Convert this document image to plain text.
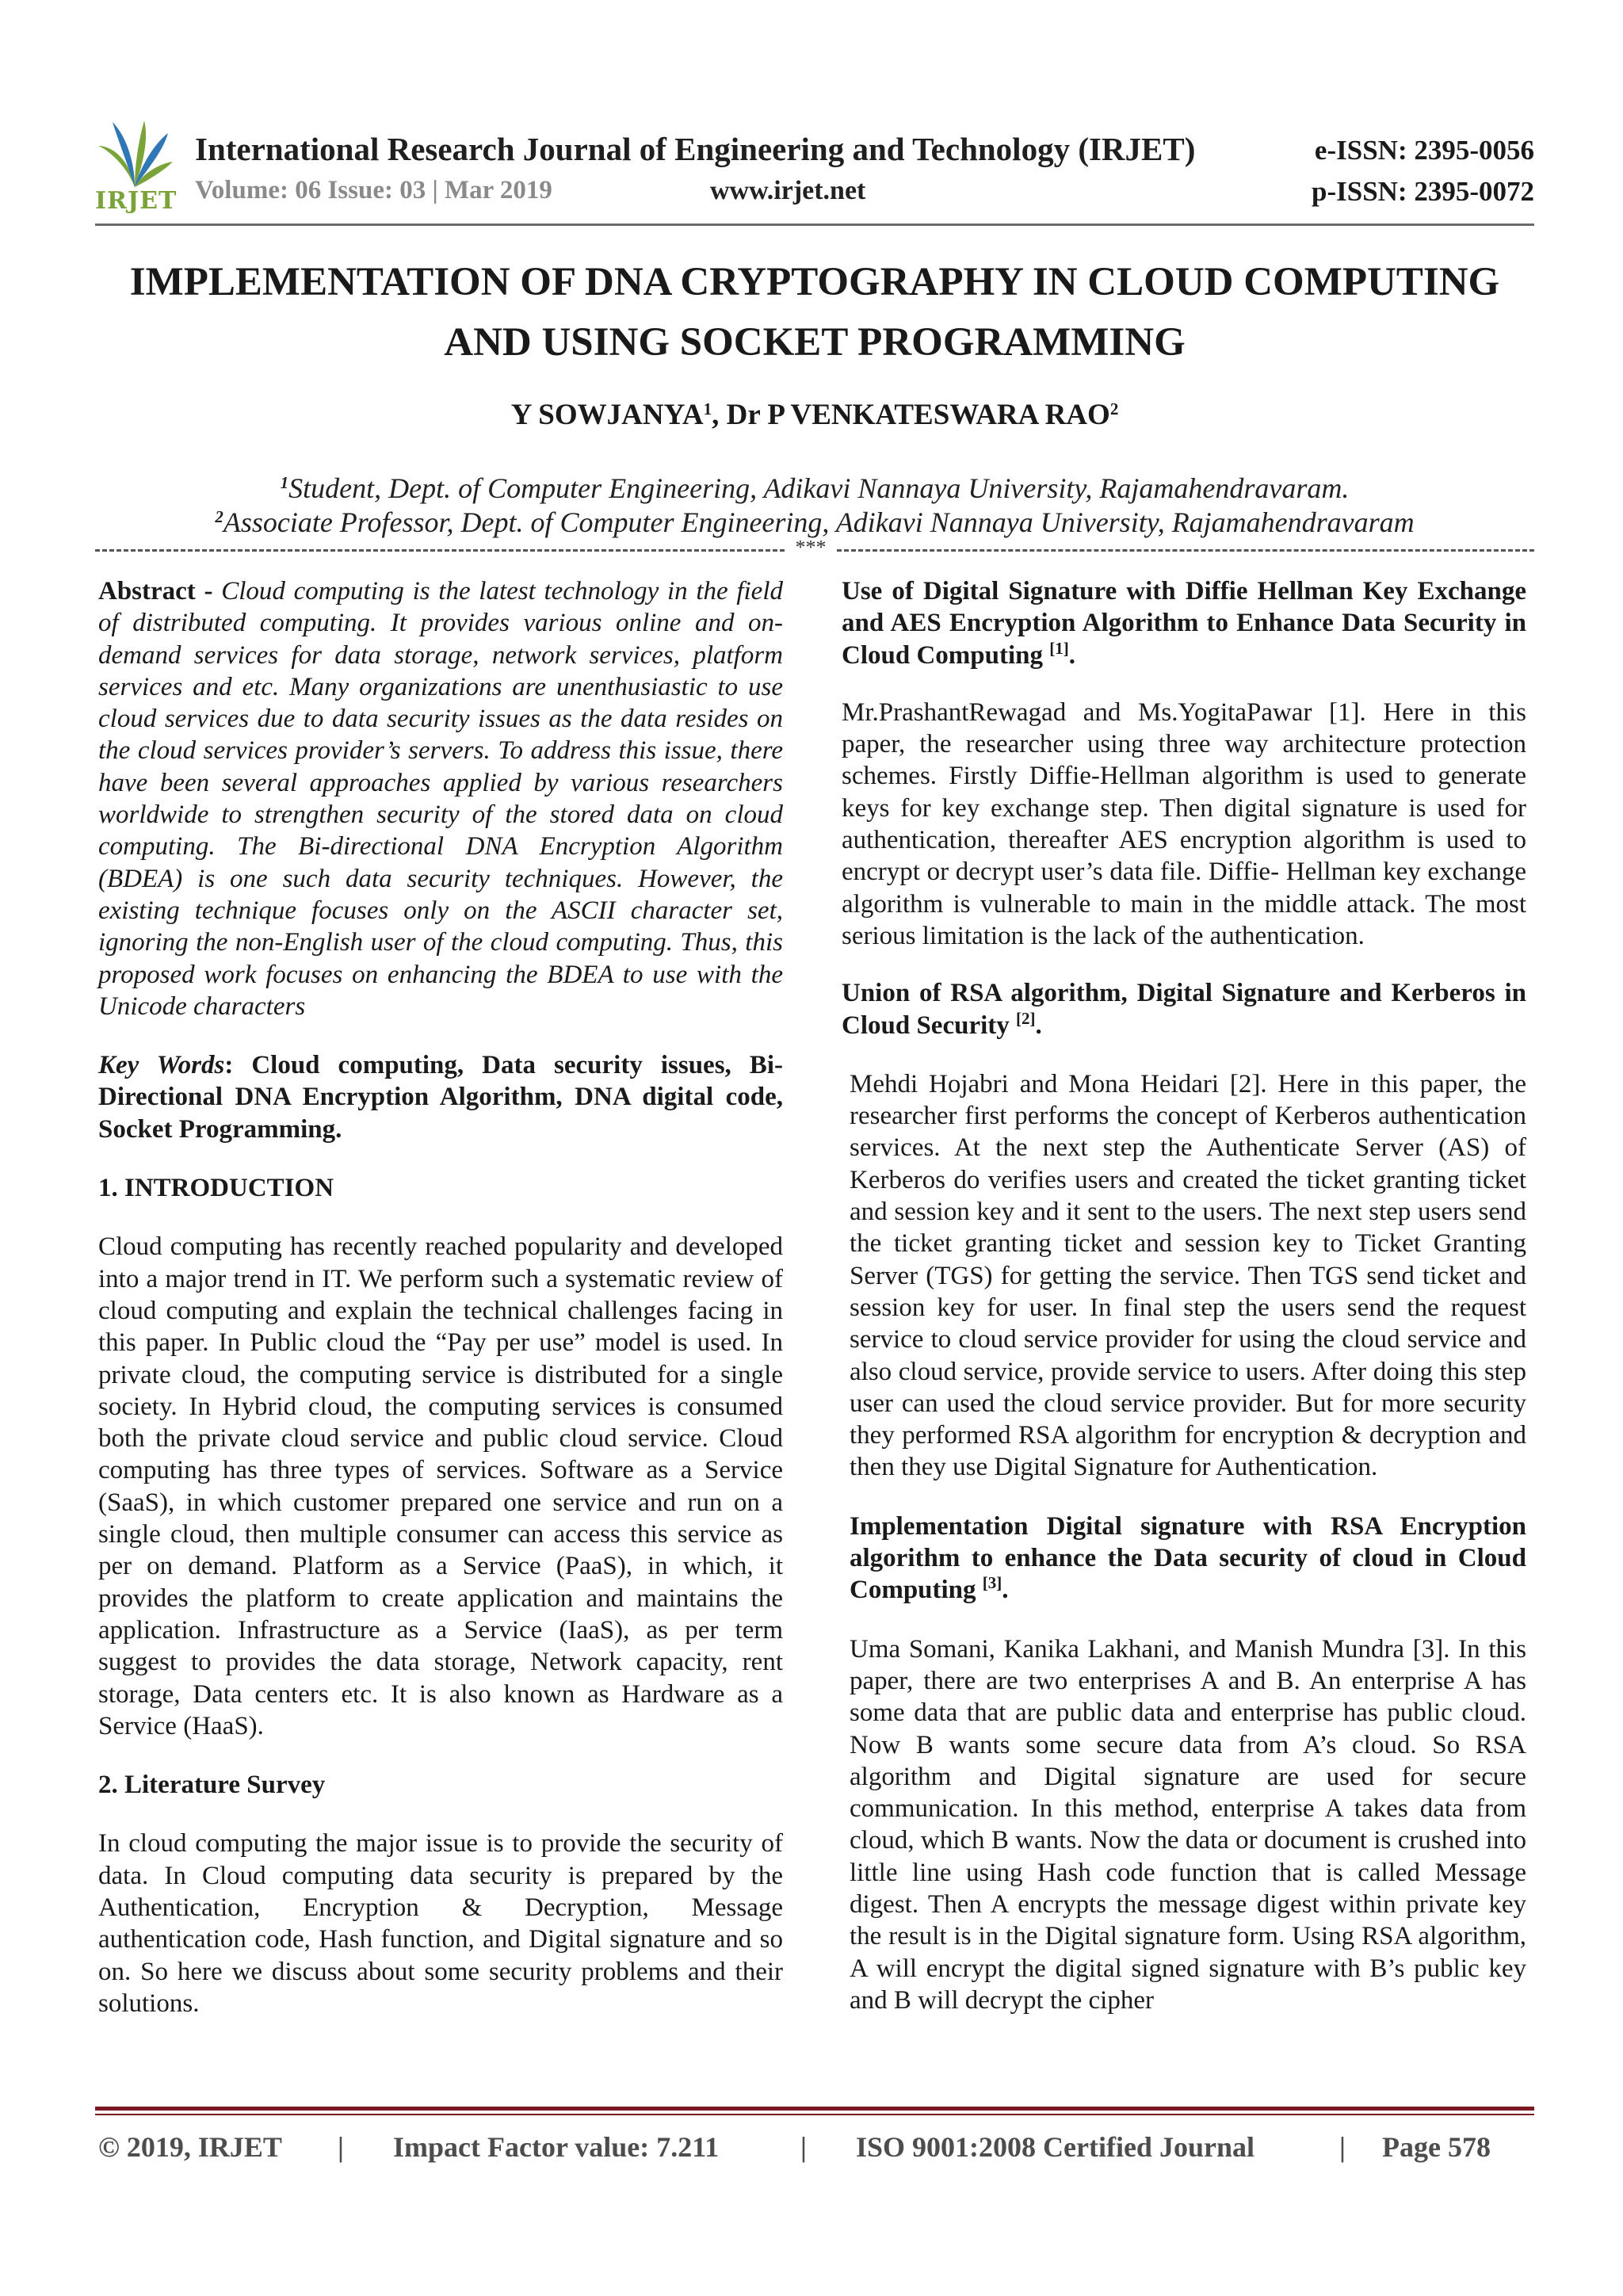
IRJET
International Research Journal of Engineering and Technology (IRJET)
Volume: 06 Issue: 03 | Mar 2019	www.irjet.net
e-ISSN: 2395-0056
p-ISSN: 2395-0072
IMPLEMENTATION OF DNA CRYPTOGRAPHY IN CLOUD COMPUTING
AND USING SOCKET PROGRAMMING
Y SOWJANYA$^1$, Dr P VENKATESWARA RAO$^2$
$^1$Student, Dept. of Computer Engineering, Adikavi Nannaya University, Rajamahendravaram.
$^2$Associate Professor, Dept. of Computer Engineering, Adikavi Nannaya University, Rajamahendravaram
***

Abstract - Cloud computing is the latest technology in the field of distributed computing. It provides various online and on-demand services for data storage, network services, platform services and etc. Many organizations are unenthusiastic to use cloud services due to data security issues as the data resides on the cloud services provider’s servers. To address this issue, there have been several approaches applied by various researchers worldwide to strengthen security of the stored data on cloud computing. The Bi-directional DNA Encryption Algorithm (BDEA) is one such data security techniques. However, the existing technique focuses only on the ASCII character set, ignoring the non-English user of the cloud computing. Thus, this proposed work focuses on enhancing the BDEA to use with the Unicode characters

Key Words: Cloud computing, Data security issues, Bi-Directional DNA Encryption Algorithm, DNA digital code, Socket Programming.

1. INTRODUCTION

Cloud computing has recently reached popularity and developed into a major trend in IT. We perform such a systematic review of cloud computing and explain the technical challenges facing in this paper. In Public cloud the “Pay per use” model is used. In private cloud, the computing service is distributed for a single society. In Hybrid cloud, the computing services is consumed both the private cloud service and public cloud service. Cloud computing has three types of services. Software as a Service (SaaS), in which customer prepared one service and run on a single cloud, then multiple consumer can access this service as per on demand. Platform as a Service (PaaS), in which, it provides the platform to create application and maintains the application. Infrastructure as a Service (IaaS), as per term suggest to provides the data storage, Network capacity, rent storage, Data centers etc. It is also known as Hardware as a Service (HaaS).

2. Literature Survey

In cloud computing the major issue is to provide the security of data. In Cloud computing data security is prepared by the Authentication, Encryption & Decryption, Message authentication code, Hash function, and Digital signature and so on. So here we discuss about some security problems and their solutions.

Use of Digital Signature with Diffie Hellman Key Exchange and AES Encryption Algorithm to Enhance Data Security in Cloud Computing [1].

Mr.PrashantRewagad and Ms.YogitaPawar [1]. Here in this paper, the researcher using three way architecture protection schemes. Firstly Diffie-Hellman algorithm is used to generate keys for key exchange step. Then digital signature is used for authentication, thereafter AES encryption algorithm is used to encrypt or decrypt user’s data file. Diffie- Hellman key exchange algorithm is vulnerable to main in the middle attack. The most serious limitation is the lack of the authentication.

Union of RSA algorithm, Digital Signature and Kerberos in Cloud Security [2].

Mehdi Hojabri and Mona Heidari [2]. Here in this paper, the researcher first performs the concept of Kerberos authentication services. At the next step the Authenticate Server (AS) of Kerberos do verifies users and created the ticket granting ticket and session key and it sent to the users. The next step users send the ticket granting ticket and session key to Ticket Granting Server (TGS) for getting the service. Then TGS send ticket and session key for user. In final step the users send the request service to cloud service provider for using the cloud service and also cloud service, provide service to users. After doing this step user can used the cloud service provider. But for more security they performed RSA algorithm for encryption & decryption and then they use Digital Signature for Authentication.

Implementation Digital signature with RSA Encryption algorithm to enhance the Data security of cloud in Cloud Computing [3].

Uma Somani, Kanika Lakhani, and Manish Mundra [3]. In this paper, there are two enterprises A and B. An enterprise A has some data that are public data and enterprise has public cloud. Now B wants some secure data from A’s cloud. So RSA algorithm and Digital signature are used for secure communication. In this method, enterprise A takes data from cloud, which B wants. Now the data or document is crushed into little line using Hash code function that is called Message digest. Then A encrypts the message digest within private key the result is in the Digital signature form. Using RSA algorithm, A will encrypt the digital signed signature with B’s public key and B will decrypt the cipher

© 2019, IRJET | Impact Factor value: 7.211	| ISO 9001:2008 Certified Journal	| Page 578
